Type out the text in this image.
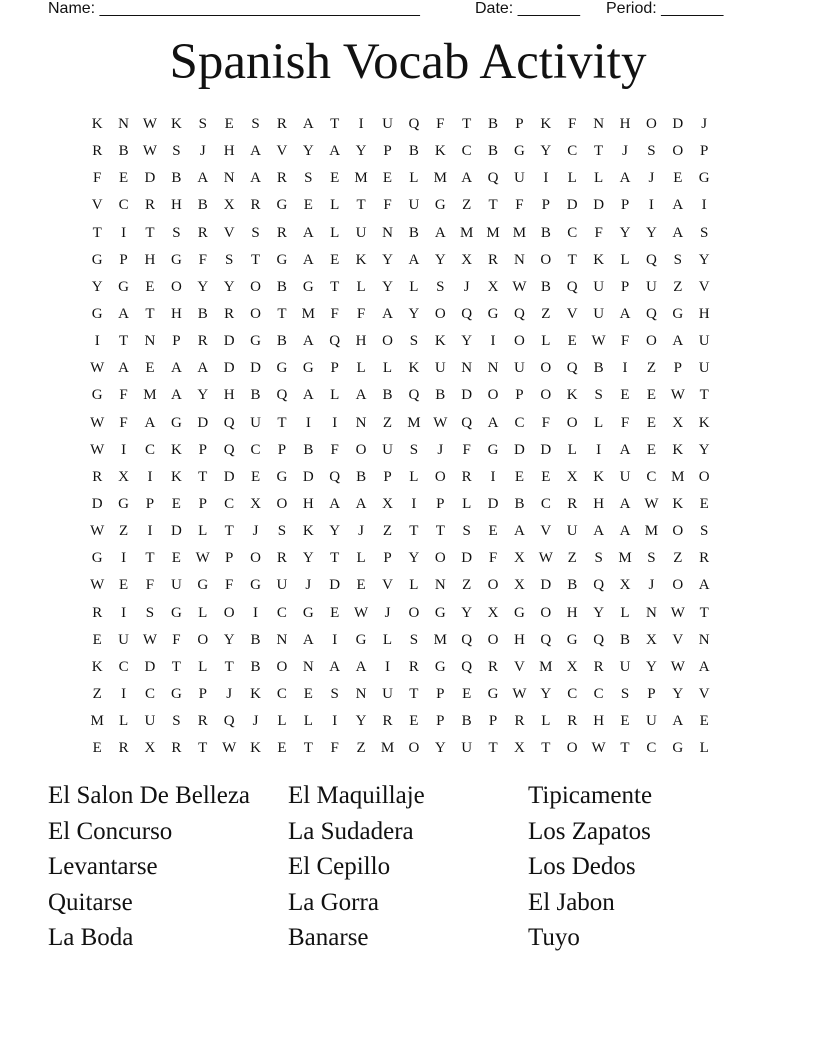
Name: ____________________________________

	Date: _______

Period: _______

Spanish Vocab Activity
K	N W K	S	E	S	R	A	T	I	U	Q	F	T	B	P	K	F	N	H	O	D	J
R	B W	S	J	H	A	V	Y	A	Y	P	B	K	C	B	G	Y	C	T	J	S	O	P
F	E	D	B	A	N	A	R	S	E	M	E	L	M A	Q	U	I	L	L	A	J	E	G
V	C	R	H	B	X	R	G	E	L	T	F	U	G	Z	T	F	P	D	D	P	I	A	I
T	I	T	S	R	V	S	R	A	L	U	N	B	A M M M B	C	F	Y	Y	A	S
G	P	H	G	F	S	T	G	A	E	K	Y	A	Y	X	R	N	O	T	K	L	Q	S	Y
Y	G	E	O	Y	Y	O	B	G	T	L	Y	L	S	J	X W B	Q	U	P	U	Z	V
G	A	T	H	B	R	O	T	M	F	F	A	Y	O	Q	G	Q	Z	V	U	A	Q	G	H
I	T	N	P	R	D	G	B	A	Q	H	O	S	K	Y	I	O	L	E W	F	O	A	U
W A	E	A	A	D	D	G	G	P	L	L	K	U	N	N	U	O	Q	B	I	Z	P	U
G	F	M A	Y	H	B	Q	A	L	A	B	Q	B	D	O	P	O	K	S	E	E W T
W	F	A	G	D	Q	U	T	I	I	N	Z	M W Q	A	C	F	O	L	F	E	X	K
W	I	C	K	P	Q	C	P	B	F	O	U	S	J	F	G	D	D	L	I	A	E	K	Y
R	X	I	K	T	D	E	G	D	Q	B	P	L	O	R	I	E	E	X	K	U	C M O
D	G	P	E	P	C	X	O	H	A	A	X	I	P	L	D	B	C	R	H	A W K	E
W Z	I	D	L	T	J	S	K	Y	J	Z	T	T	S	E	A	V	U	A	A M O	S
G	I	T	E W	P	O	R	Y	T	L	P	Y	O	D	F	X W Z	S	M	S	Z	R
W E	F	U	G	F	G	U	J	D	E	V	L	N	Z	O	X	D	B	Q	X	J	O	A
R	I	S	G	L	O	I	C	G	E W	J	O	G	Y	X	G	O	H	Y	L	N W T
E	U W	F	O	Y	B	N	A	I	G	L	S	M Q	O	H	Q	G	Q	B	X	V	N
K	C	D	T	L	T	B	O	N	A	A	I	R	G	Q	R	V M X	R	U	Y W A
Z	I	C	G	P	J	K	C	E	S	N	U	T	P	E	G W Y	C	C	S	P	Y	V
M	L	U	S	R	Q	J	L	L	I	Y	R	E	P	B	P	R	L	R	H	E	U	A	E
E	R	X	R	T W K	E	T	F	Z	M O	Y	U	T	X	T	O W T	C	G	L
El Salon De Belleza	El Maquillaje	Tipicamente
El Concurso	La Sudadera	Los Zapatos
Levantarse	El Cepillo	Los Dedos
Quitarse	La Gorra	El Jabon
La Boda	Banarse	Tuyo
